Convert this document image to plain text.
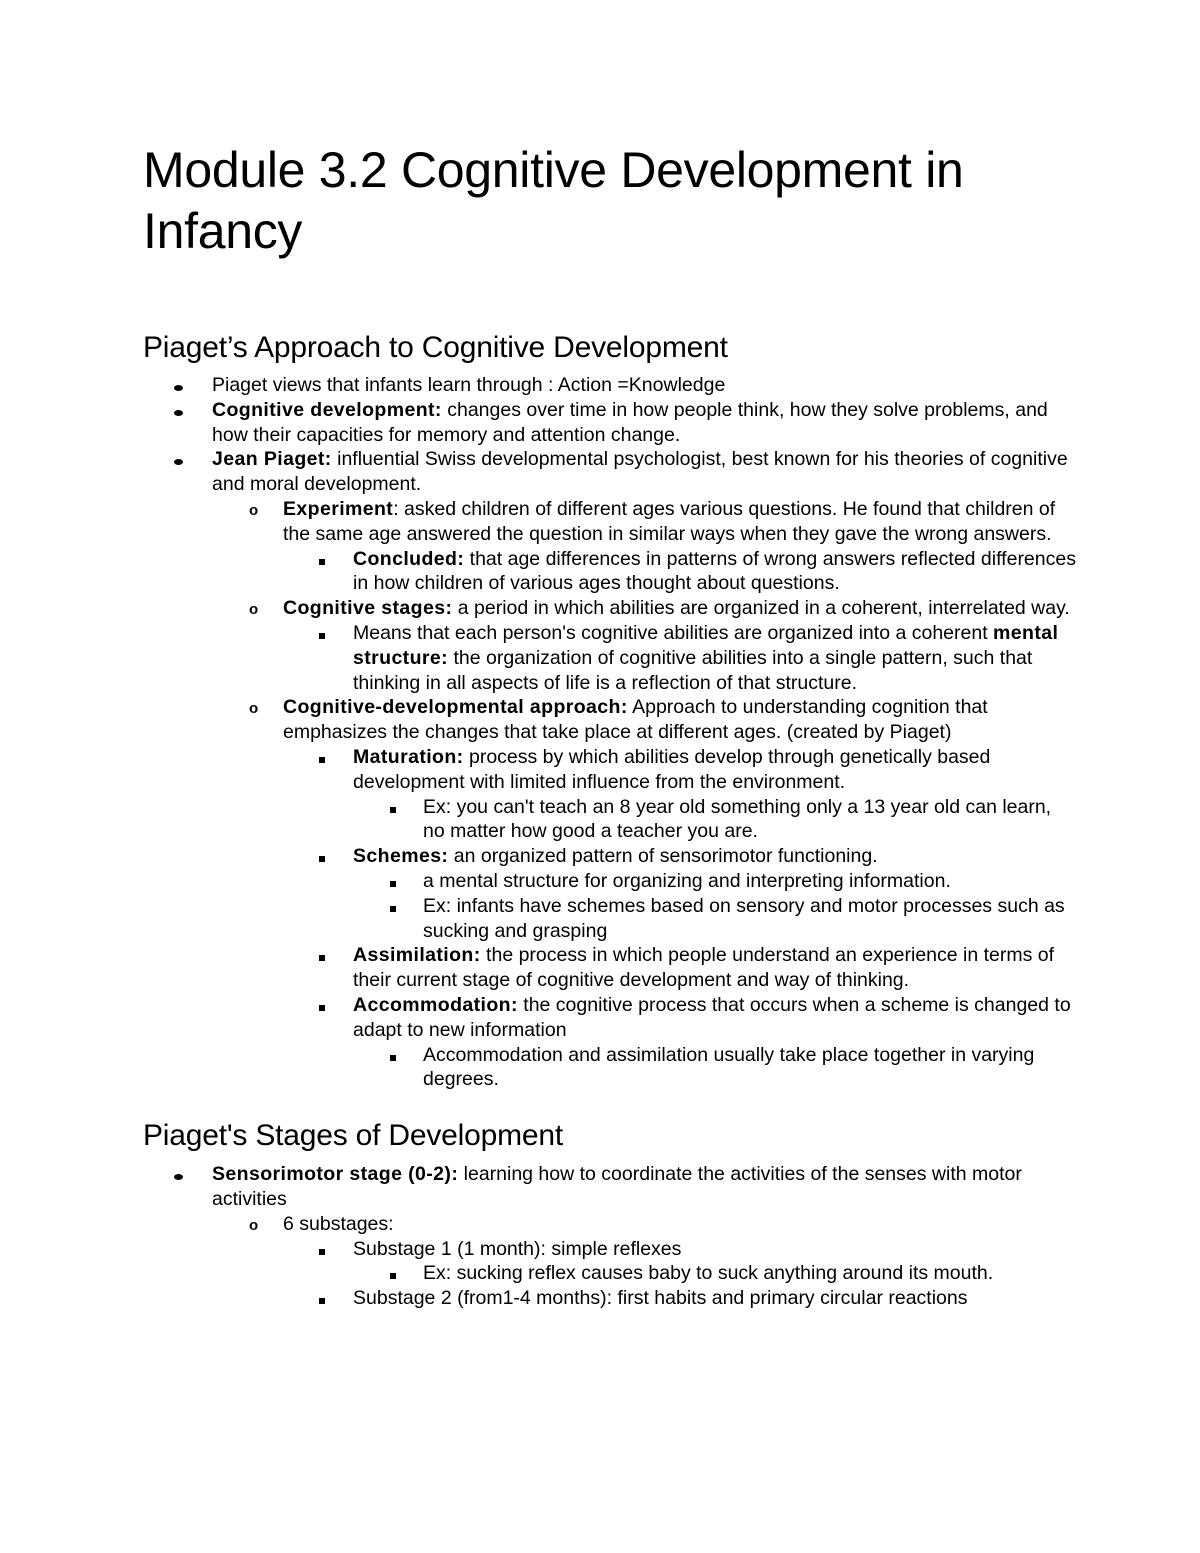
Module 3.2 Cognitive Development in Infancy
Piaget’s Approach to Cognitive Development
Piaget views that infants learn through : Action =Knowledge
Cognitive development: changes over time in how people think, how they solve problems, and how their capacities for memory and attention change.
Jean Piaget: influential Swiss developmental psychologist, best known for his theories of cognitive and moral development.
o Experiment: asked children of different ages various questions. He found that children of the same age answered the question in similar ways when they gave the wrong answers.
Concluded: that age differences in patterns of wrong answers reflected differences in how children of various ages thought about questions.
o Cognitive stages: a period in which abilities are organized in a coherent, interrelated way.
Means that each person's cognitive abilities are organized into a coherent mental structure: the organization of cognitive abilities into a single pattern, such that thinking in all aspects of life is a reflection of that structure.
o Cognitive-developmental approach: Approach to understanding cognition that emphasizes the changes that take place at different ages. (created by Piaget)
Maturation: process by which abilities develop through genetically based development with limited influence from the environment.
Ex: you can't teach an 8 year old something only a 13 year old can learn, no matter how good a teacher you are.
Schemes: an organized pattern of sensorimotor functioning.
a mental structure for organizing and interpreting information.
Ex: infants have schemes based on sensory and motor processes such as sucking and grasping
Assimilation: the process in which people understand an experience in terms of their current stage of cognitive development and way of thinking.
Accommodation: the cognitive process that occurs when a scheme is changed to adapt to new information
Accommodation and assimilation usually take place together in varying degrees.
Piaget's Stages of Development
Sensorimotor stage (0-2): learning how to coordinate the activities of the senses with motor activities
o 6 substages:
Substage 1 (1 month): simple reflexes
Ex: sucking reflex causes baby to suck anything around its mouth.
Substage 2 (from1-4 months): first habits and primary circular reactions
